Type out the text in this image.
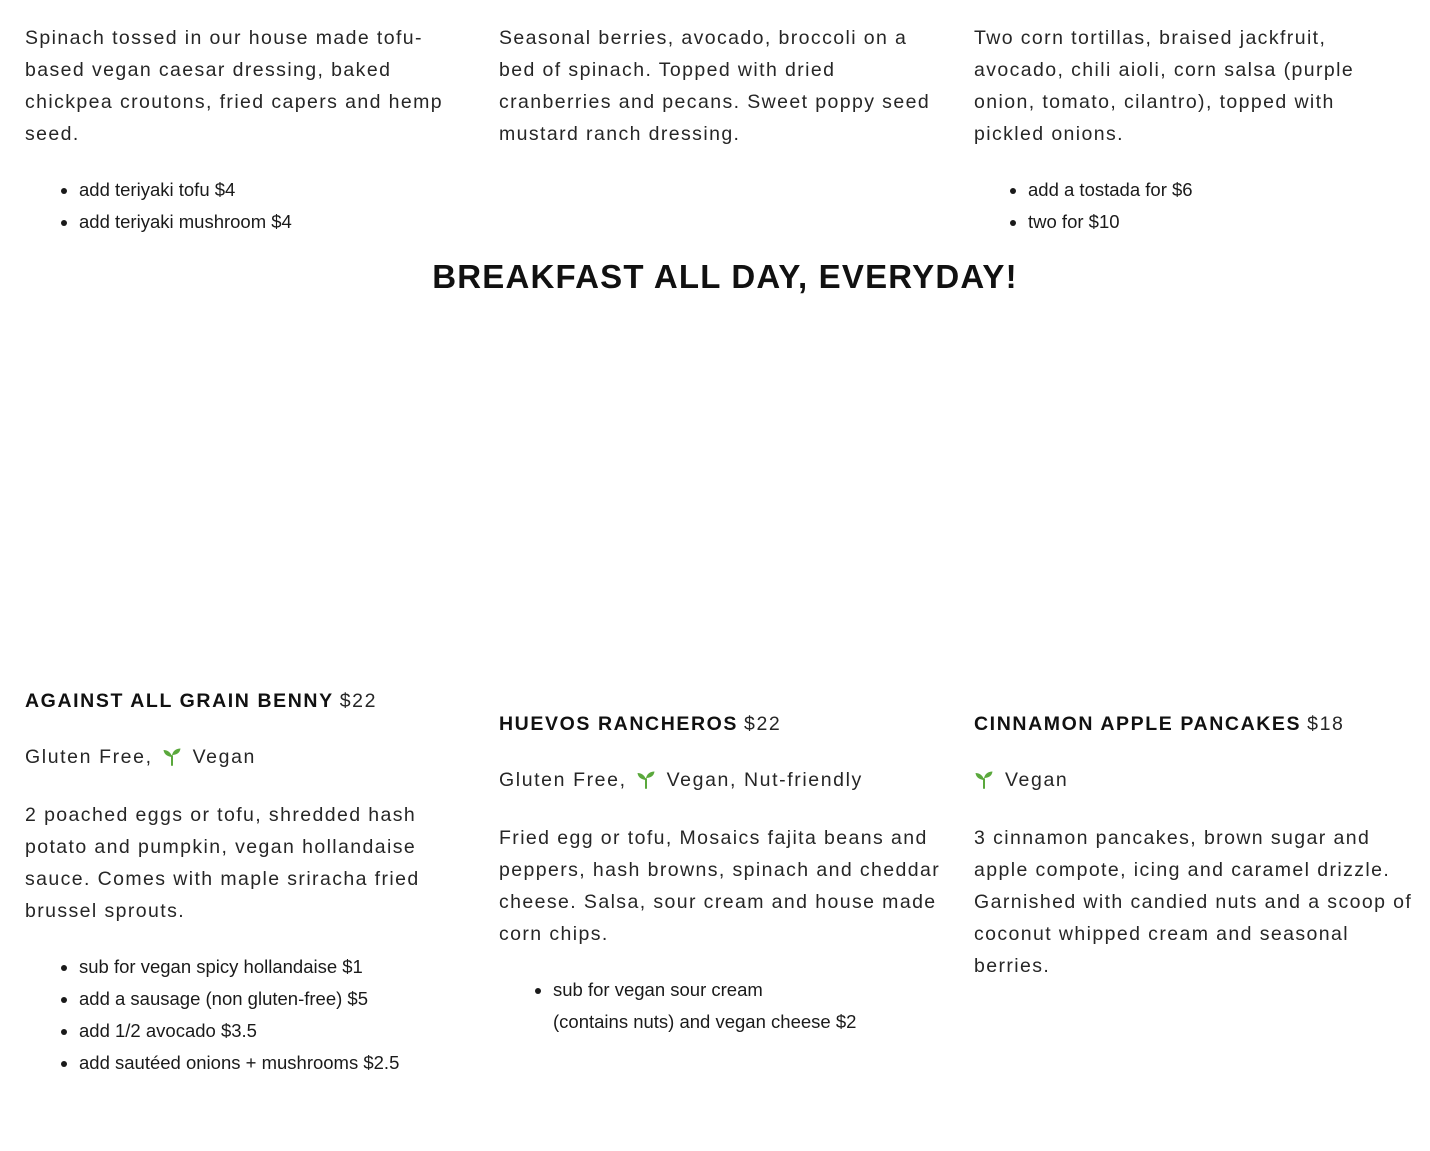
Spinach tossed in our house made tofu-based vegan caesar dressing, baked chickpea croutons, fried capers and hemp seed.

• add teriyaki tofu $4
• add teriyaki mushroom $4

Seasonal berries, avocado, broccoli on a bed of spinach. Topped with dried cranberries and pecans. Sweet poppy seed mustard ranch dressing.

Two corn tortillas, braised jackfruit, avocado, chili aioli, corn salsa (purple onion, tomato, cilantro), topped with pickled onions.

• add a tostada for $6
• two for $10
BREAKFAST ALL DAY, EVERYDAY!

AGAINST ALL GRAIN BENNY $22

Gluten Free, Vegan

2 poached eggs or tofu, shredded hash potato and pumpkin, vegan hollandaise sauce. Comes with maple sriracha fried brussel sprouts.

• sub for vegan spicy hollandaise $1
• add a sausage (non gluten-free) $5
• add 1/2 avocado $3.5
• add sautéed onions + mushrooms $2.5

HUEVOS RANCHEROS $22

Gluten Free, Vegan, Nut-friendly

Fried egg or tofu, Mosaics fajita beans and peppers, hash browns, spinach and cheddar cheese. Salsa, sour cream and house made corn chips.

• sub for vegan sour cream
(contains nuts) and vegan cheese $2

CINNAMON APPLE PANCAKES $18

Vegan

3 cinnamon pancakes, brown sugar and apple compote, icing and caramel drizzle. Garnished with candied nuts and a scoop of coconut whipped cream and seasonal berries.
